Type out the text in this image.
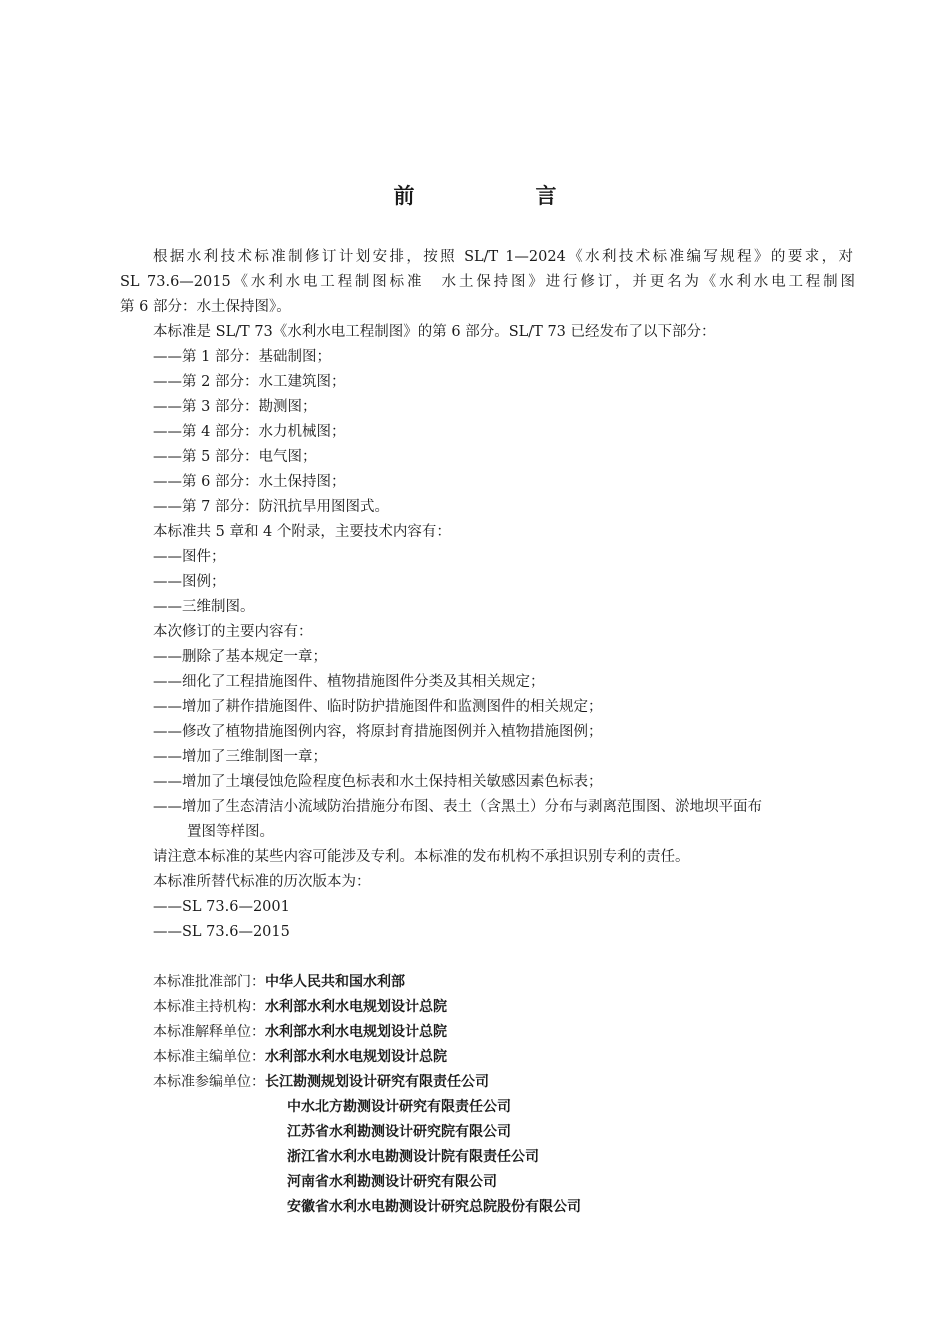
前　言
根据水利技术标准制修订计划安排，按照 SL/T 1—2024《水利技术标准编写规程》的要求，对
SL 73.6—2015《水利水电工程制图标准　水土保持图》进行修订，并更名为《水利水电工程制图
第 6 部分：水土保持图》。
本标准是 SL/T 73《水利水电工程制图》的第 6 部分。SL/T 73 已经发布了以下部分：
——第 1 部分：基础制图；
——第 2 部分：水工建筑图；
——第 3 部分：勘测图；
——第 4 部分：水力机械图；
——第 5 部分：电气图；
——第 6 部分：水土保持图；
——第 7 部分：防汛抗旱用图图式。
本标准共 5 章和 4 个附录，主要技术内容有：
——图件；
——图例；
——三维制图。
本次修订的主要内容有：
——删除了基本规定一章；
——细化了工程措施图件、植物措施图件分类及其相关规定；
——增加了耕作措施图件、临时防护措施图件和监测图件的相关规定；
——修改了植物措施图例内容，将原封育措施图例并入植物措施图例；
——增加了三维制图一章；
——增加了土壤侵蚀危险程度色标表和水土保持相关敏感因素色标表；
——增加了生态清洁小流域防治措施分布图、表土（含黑土）分布与剥离范围图、淤地坝平面布
置图等样图。
请注意本标准的某些内容可能涉及专利。本标准的发布机构不承担识别专利的责任。
本标准所替代标准的历次版本为：
——SL 73.6—2001
——SL 73.6—2015
本标准批准部门：中华人民共和国水利部
本标准主持机构：水利部水利水电规划设计总院
本标准解释单位：水利部水利水电规划设计总院
本标准主编单位：水利部水利水电规划设计总院
本标准参编单位：长江勘测规划设计研究有限责任公司
中水北方勘测设计研究有限责任公司
江苏省水利勘测设计研究院有限公司
浙江省水利水电勘测设计院有限责任公司
河南省水利勘测设计研究有限公司
安徽省水利水电勘测设计研究总院股份有限公司
